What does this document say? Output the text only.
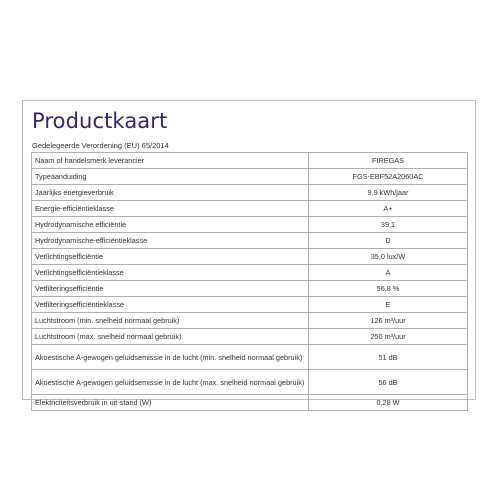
Productkaart
Gedelegeerde Verordening (EU) 65/2014
Naam of handelsmerk leverancier	FIREGAS
Typeaanduiding	FGS-EBF52A2060AC
Jaarlijks energieverbruik	9,9 kWh/jaar
Energie-efficiëntieklasse	A+
Hydrodynamische efficiëntie	39,1
Hydrodynamische-efficiëntieklasse	D
Verlichtingsefficiëntie	35,0 lux/W
Verlichtingsefficiëntieklasse	A
Vetfilteringsefficiëntie	56,8 %
Vetfilteringsefficiëntieklasse	E
Luchtstroom (min. snelheid normaal gebruik)	126 m³/uur
Luchtstroom (max. snelheid normaal gebruik)	250 m³/uur
Akoestische A-gewogen geluidsemissie in de lucht (min. snelheid normaal gebruik)	51 dB
Akoestische A-gewogen geluidsemissie in de lucht (max. snelheid normaal gebruik)	56 dB
Elektriciteitsverbruik in uit-stand (W)	0,28 W
